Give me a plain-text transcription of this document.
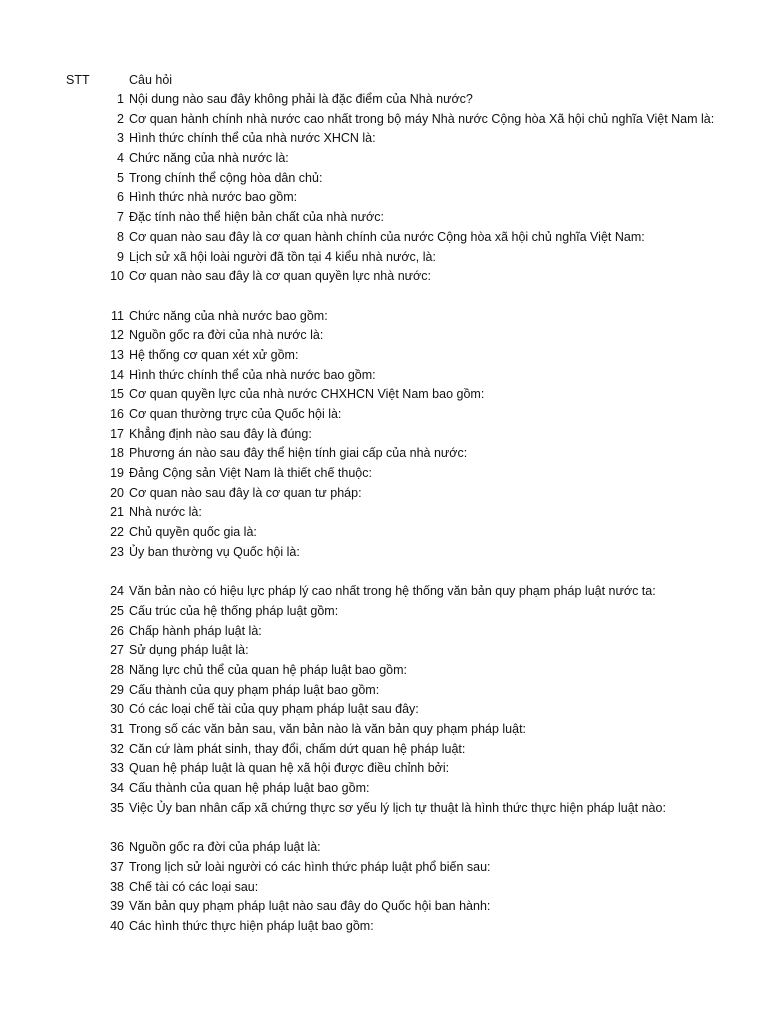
STT	Câu hỏi
1 Nội dung nào sau đây không phải là đặc điểm của Nhà nước?
2 Cơ quan hành chính nhà nước cao nhất trong bộ máy Nhà nước Cộng hòa Xã hội chủ nghĩa Việt Nam là:
3 Hình thức chính thể của nhà nước XHCN là:
4 Chức năng của nhà nước là:
5 Trong chính thể cộng hòa dân chủ:
6 Hình thức nhà nước bao gồm:
7 Đặc tính nào thể hiện bản chất của nhà nước:
8 Cơ quan nào sau đây là cơ quan hành chính của nước Cộng hòa xã hội chủ nghĩa Việt Nam:
9 Lịch sử xã hội loài người đã tồn tại 4 kiểu nhà nước, là:
10 Cơ quan nào sau đây là cơ quan quyền lực nhà nước:
11 Chức năng của nhà nước bao gồm:
12 Nguồn gốc ra đời của nhà nước là:
13 Hệ thống cơ quan xét xử gồm:
14 Hình thức chính thể của nhà nước bao gồm:
15 Cơ quan quyền lực của nhà nước CHXHCN Việt Nam bao gồm:
16 Cơ quan thường trực của Quốc hội là:
17 Khẳng định nào sau đây là đúng:
18 Phương án nào sau đây thể hiện tính giai cấp của nhà nước:
19 Đảng Cộng sản Việt Nam là thiết chế thuộc:
20 Cơ quan nào sau đây là cơ quan tư pháp:
21 Nhà nước là:
22 Chủ quyền quốc gia là:
23 Ủy ban thường vụ Quốc hội là:
24 Văn bản nào có hiệu lực pháp lý cao nhất trong hệ thống văn bản quy phạm pháp luật nước ta:
25 Cấu trúc của hệ thống pháp luật gồm:
26 Chấp hành pháp luật là:
27 Sử dụng pháp luật là:
28 Năng lực chủ thể của quan hệ pháp luật bao gồm:
29 Cấu thành của quy phạm pháp luật bao gồm:
30 Có các loại chế tài của quy phạm pháp luật sau đây:
31 Trong số các văn bản sau, văn bản nào là văn bản quy phạm pháp luật:
32 Căn cứ làm phát sinh, thay đổi, chấm dứt quan hệ pháp luật:
33 Quan hệ pháp luật là quan hệ xã hội được điều chỉnh bởi:
34 Cấu thành của quan hệ pháp luật bao gồm:
35 Việc Ủy ban nhân cấp xã chứng thực sơ yếu lý lịch tự thuật là hình thức thực hiện pháp luật nào:
36 Nguồn gốc ra đời của pháp luật là:
37 Trong lịch sử loài người có các hình thức pháp luật phổ biến sau:
38 Chế tài có các loại sau:
39 Văn bản quy phạm pháp luật nào sau đây do Quốc hội ban hành:
40 Các hình thức thực hiện pháp luật bao gồm:
